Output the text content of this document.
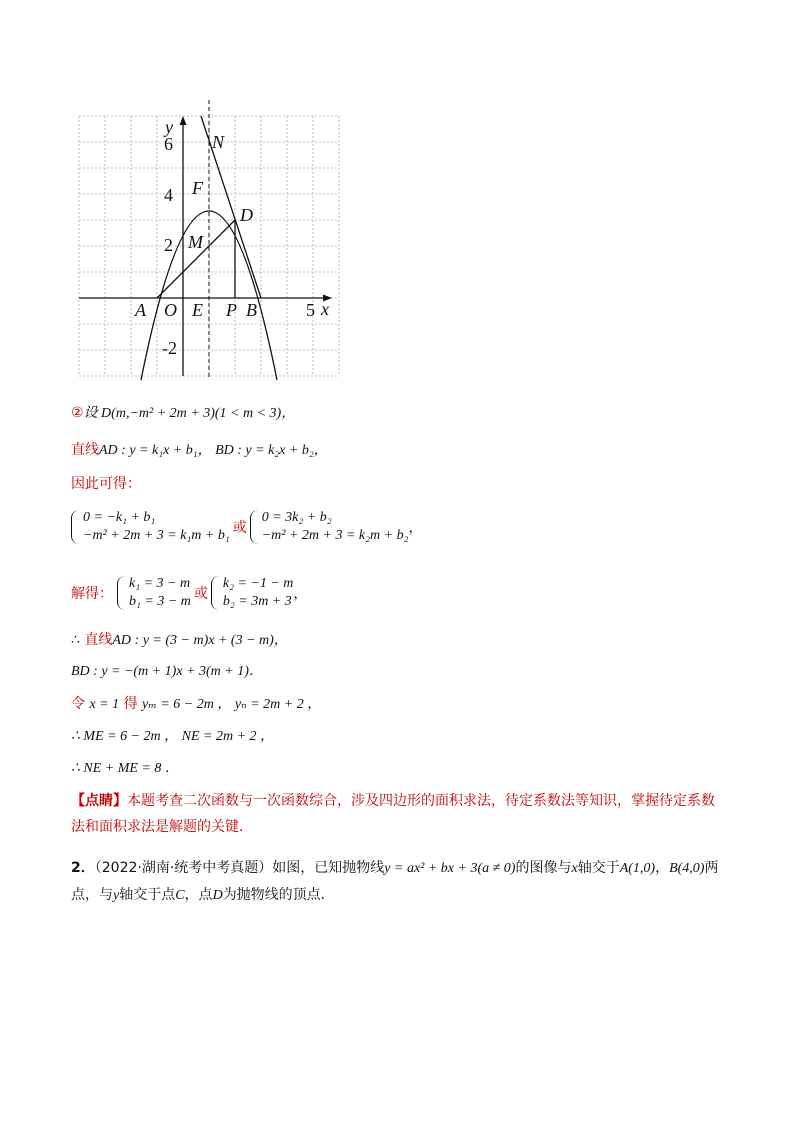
y
x
N
F
D
M
A O E P B
6
4
2
5
-2
②设 D(m,−m² + 2m + 3)(1 < m < 3)，
直线AD : y = k₁x + b₁， BD : y = k₂x + b₂，
因此可得：
0 = −k₁ + b₁
−m² + 2m + 3 = k₁m + b₁ 或
0 = 3k₂ + b₂
−m² + 2m + 3 = k₂m + b₂ ，
解得：
k₁ = 3 − m
b₁ = 3 − m 或
k₂ = −1 − m
b₂ = 3m + 3 ，
∴ 直线AD : y = (3 − m)x + (3 − m)，
BD : y = −(m + 1)x + 3(m + 1)．
令 x = 1 得 yₘ = 6 − 2m ， yₙ = 2m + 2 ，
∴ ME = 6 − 2m ， NE = 2m + 2 ，
∴ NE + ME = 8 ．
【点睛】本题考查二次函数与一次函数综合，涉及四边形的面积求法，待定系数法等知识，掌握待定系数法和面积求法是解题的关键．
2．（2022·湖南·统考中考真题）如图，已知抛物线y = ax² + bx + 3(a ≠ 0)的图像与x轴交于A(1,0)，B(4,0)两点，与y轴交于点C，点D为抛物线的顶点．
